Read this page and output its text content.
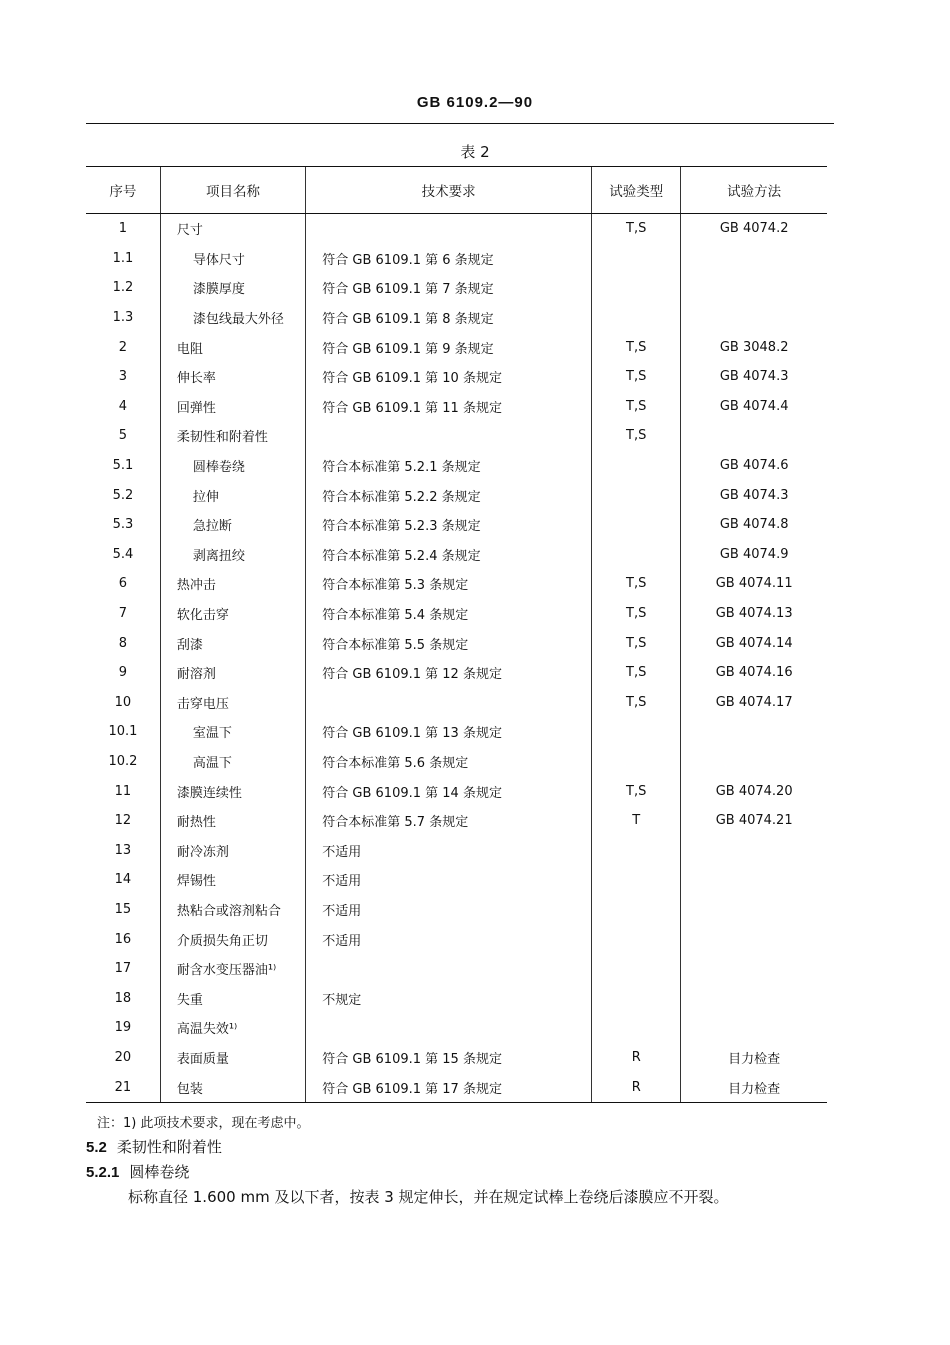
GB 6109.2—90
表 2
序号	项目名称	技术要求	试验类型	试验方法
1	尺寸		T,S	GB 4074.2
1.1	导体尺寸	符合 GB 6109.1 第 6 条规定		
1.2	漆膜厚度	符合 GB 6109.1 第 7 条规定		
1.3	漆包线最大外径	符合 GB 6109.1 第 8 条规定		
2	电阻	符合 GB 6109.1 第 9 条规定	T,S	GB 3048.2
3	伸长率	符合 GB 6109.1 第 10 条规定	T,S	GB 4074.3
4	回弹性	符合 GB 6109.1 第 11 条规定	T,S	GB 4074.4
5	柔韧性和附着性		T,S	
5.1	圆棒卷绕	符合本标准第 5.2.1 条规定		GB 4074.6
5.2	拉伸	符合本标准第 5.2.2 条规定		GB 4074.3
5.3	急拉断	符合本标准第 5.2.3 条规定		GB 4074.8
5.4	剥离扭绞	符合本标准第 5.2.4 条规定		GB 4074.9
6	热冲击	符合本标准第 5.3 条规定	T,S	GB 4074.11
7	软化击穿	符合本标准第 5.4 条规定	T,S	GB 4074.13
8	刮漆	符合本标准第 5.5 条规定	T,S	GB 4074.14
9	耐溶剂	符合 GB 6109.1 第 12 条规定	T,S	GB 4074.16
10	击穿电压		T,S	GB 4074.17
10.1	室温下	符合 GB 6109.1 第 13 条规定		
10.2	高温下	符合本标准第 5.6 条规定		
11	漆膜连续性	符合 GB 6109.1 第 14 条规定	T,S	GB 4074.20
12	耐热性	符合本标准第 5.7 条规定	T	GB 4074.21
13	耐冷冻剂	不适用		
14	焊锡性	不适用		
15	热粘合或溶剂粘合	不适用		
16	介质损失角正切	不适用		
17	耐含水变压器油¹⁾			
18	失重	不规定		
19	高温失效¹⁾			
20	表面质量	符合 GB 6109.1 第 15 条规定	R	目力检查
21	包装	符合 GB 6109.1 第 17 条规定	R	目力检查
注：1) 此项技术要求，现在考虑中。
5.2 柔韧性和附着性
5.2.1 圆棒卷绕
标称直径 1.600 mm 及以下者，按表 3 规定伸长，并在规定试棒上卷绕后漆膜应不开裂。
